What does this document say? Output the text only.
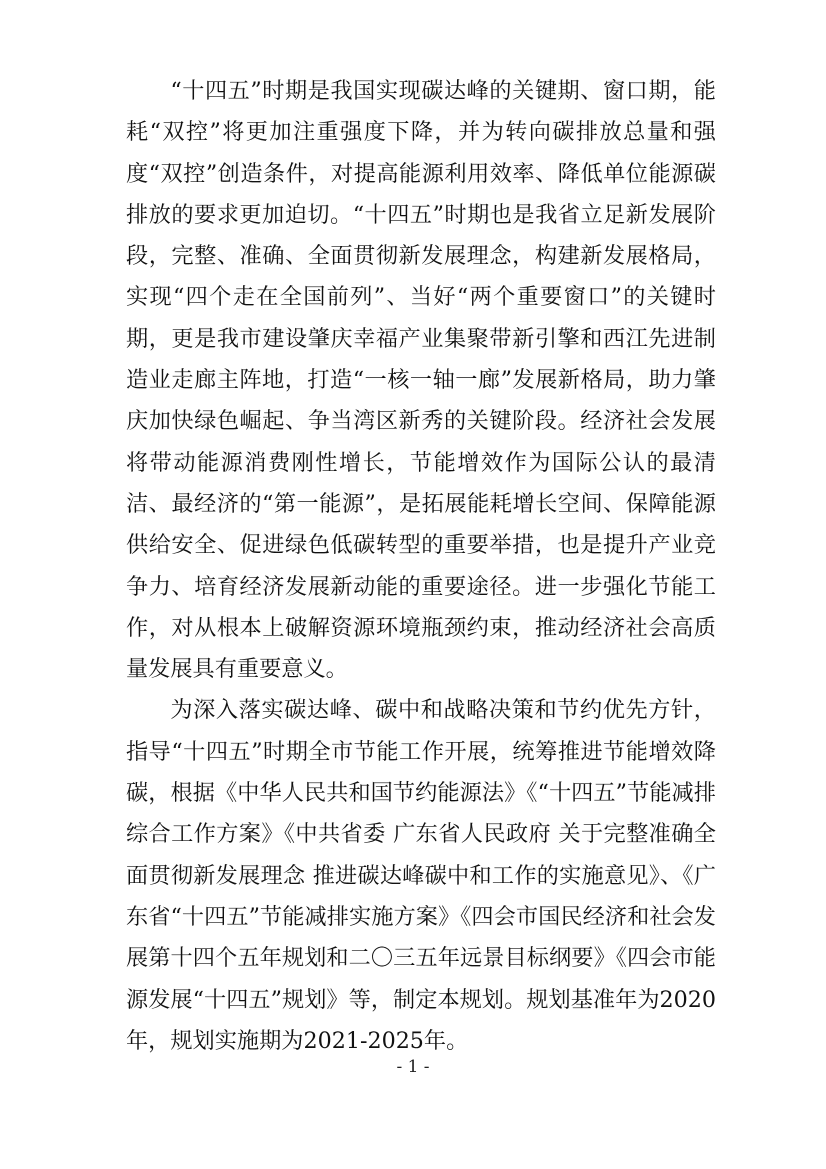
“十四五”时期是我国实现碳达峰的关键期、窗口期，能耗“双控”将更加注重强度下降，并为转向碳排放总量和强度“双控”创造条件，对提高能源利用效率、降低单位能源碳排放的要求更加迫切。“十四五”时期也是我省立足新发展阶段，完整、准确、全面贯彻新发展理念，构建新发展格局，实现“四个走在全国前列”、当好“两个重要窗口”的关键时期，更是我市建设肇庆幸福产业集聚带新引擎和西江先进制造业走廊主阵地，打造“一核一轴一廊”发展新格局，助力肇庆加快绿色崛起、争当湾区新秀的关键阶段。经济社会发展将带动能源消费刚性增长，节能增效作为国际公认的最清洁、最经济的“第一能源”，是拓展能耗增长空间、保障能源供给安全、促进绿色低碳转型的重要举措，也是提升产业竞争力、培育经济发展新动能的重要途径。进一步强化节能工作，对从根本上破解资源环境瓶颈约束，推动经济社会高质量发展具有重要意义。

为深入落实碳达峰、碳中和战略决策和节约优先方针，指导“十四五”时期全市节能工作开展，统筹推进节能增效降碳，根据《中华人民共和国节约能源法》《“十四五”节能减排综合工作方案》《中共省委 广东省人民政府 关于完整准确全面贯彻新发展理念 推进碳达峰碳中和工作的实施意见》、《广东省“十四五”节能减排实施方案》《四会市国民经济和社会发展第十四个五年规划和二〇三五年远景目标纲要》《四会市能源发展“十四五”规划》等，制定本规划。规划基准年为2020年，规划实施期为2021-2025年。

- 1 -
